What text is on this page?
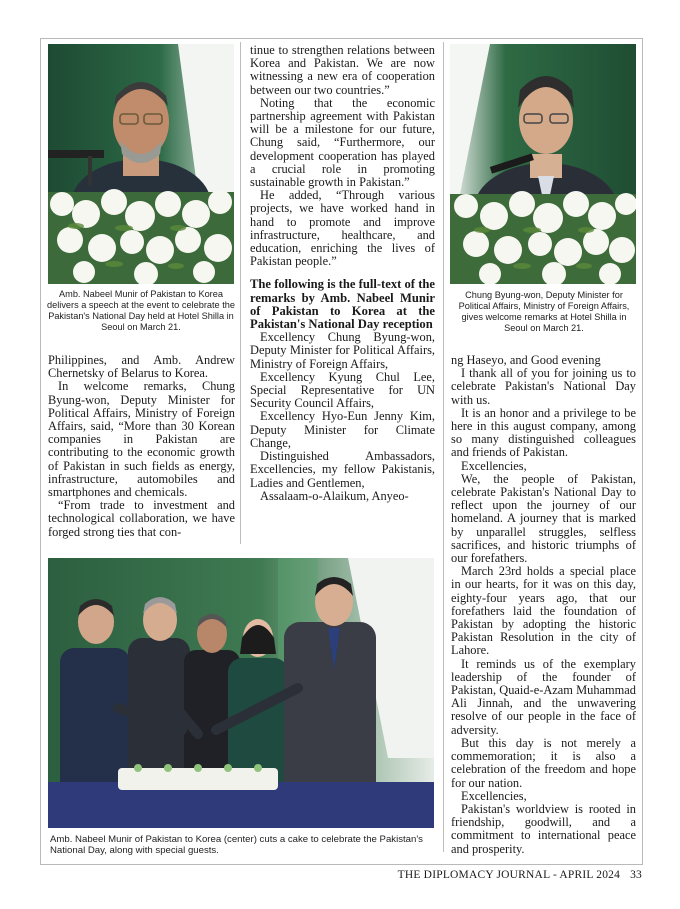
Amb. Nabeel Munir of Pakistan to Korea delivers a speech at the event to celebrate the Pakistan's National Day held at Hotel Shilla in Seoul on March 21.
Chung Byung-won, Deputy Minister for Political Affairs, Ministry of Foreign Affairs, gives welcome remarks at Hotel Shilla in Seoul on March 21.

tinue to strengthen relations between Korea and Pakistan. We are now witnessing a new era of cooperation between our two countries.”

Noting that the economic partnership agreement with Pakistan will be a milestone for our future, Chung said, “Furthermore, our development cooperation has played a crucial role in promoting sustainable growth in Pakistan.”

He added, “Through various projects, we have worked hand in hand to promote and improve infrastructure, healthcare, and education, enriching the lives of Pakistan people.”

The following is the full-text of the remarks by Amb. Nabeel Munir of Pakistan to Korea at the Pakistan's National Day reception

Excellency Chung Byung-won, Deputy Minister for Political Affairs, Ministry of Foreign Affairs,

Excellency Kyung Chul Lee, Special Representative for UN Security Council Affairs,

Excellency Hyo-Eun Jenny Kim, Deputy Minister for Climate Change,

Distinguished Ambassadors, Excellencies, my fellow Pakistanis, Ladies and Gentlemen,

Assalaam-o-Alaikum, Anyeo-

Philippines, and Amb. Andrew Chernetsky of Belarus to Korea.

In welcome remarks, Chung Byung-won, Deputy Minister for Political Affairs, Ministry of Foreign Affairs, said, “More than 30 Korean companies in Pakistan are contributing to the economic growth of Pakistan in such fields as energy, infrastructure, automobiles and smartphones and chemicals.

“From trade to investment and technological collaboration, we have forged strong ties that con-

ng Haseyo, and Good evening

I thank all of you for joining us to celebrate Pakistan's National Day with us.

It is an honor and a privilege to be here in this august company, among so many distinguished colleagues and friends of Pakistan.

Excellencies,

We, the people of Pakistan, celebrate Pakistan's National Day to reflect upon the journey of our homeland. A journey that is marked by unparallel struggles, selfless sacrifices, and historic triumphs of our forefathers.

March 23rd holds a special place in our hearts, for it was on this day, eighty-four years ago, that our forefathers laid the foundation of Pakistan by adopting the historic Pakistan Resolution in the city of Lahore.

It reminds us of the exemplary leadership of the founder of Pakistan, Quaid-e-Azam Muhammad Ali Jinnah, and the unwavering resolve of our people in the face of adversity.

But this day is not merely a commemoration; it is also a celebration of the freedom and hope for our nation.

Excellencies,

Pakistan's worldview is rooted in friendship, goodwill, and a commitment to international peace and prosperity.

Amb. Nabeel Munir of Pakistan to Korea (center) cuts a cake to celebrate the Pakistan's National Day, along with special guests.
THE DIPLOMACY JOURNAL - APRIL 2024 33
